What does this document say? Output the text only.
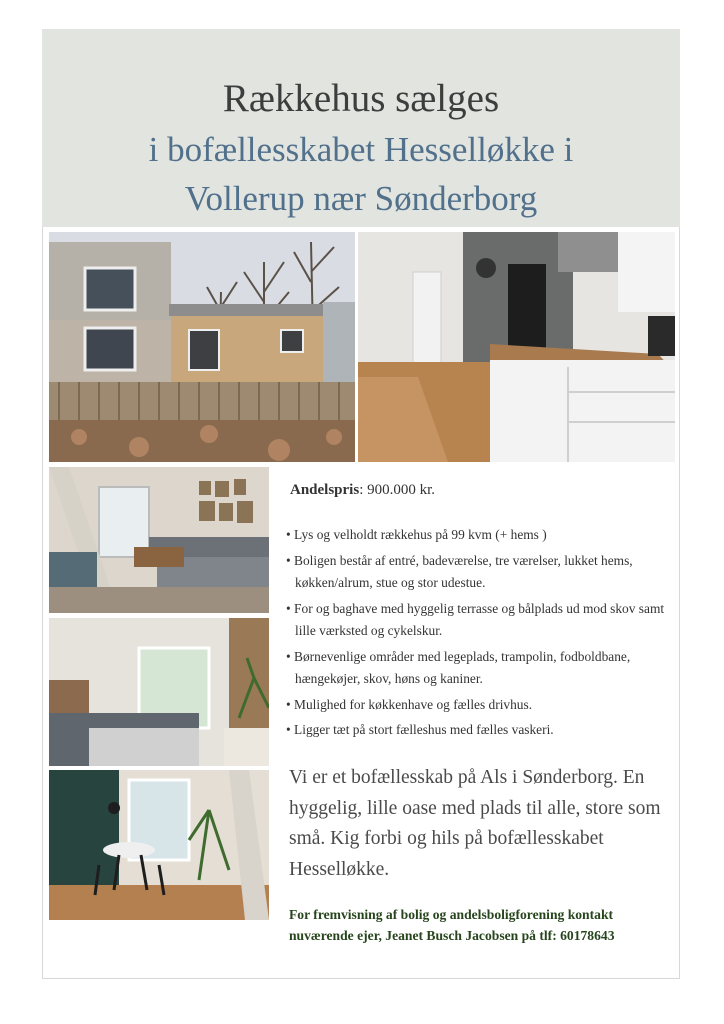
Rækkehus sælges
i bofællesskabet Hesselløkke i
Vollerup nær Sønderborg
Andelspris: 900.000 kr.
• Lys og velholdt rækkehus på 99 kvm (+ hems )
• Boligen består af entré, badeværelse, tre værelser, lukket hems, køkken/alrum, stue og stor udestue.
• For og baghave med hyggelig terrasse og bålplads ud mod skov samt lille værksted og cykelskur.
• Børnevenlige områder med legeplads, trampolin, fodboldbane, hængekøjer, skov, høns og kaniner.
• Mulighed for køkkenhave og fælles drivhus.
• Ligger tæt på stort fælleshus med fælles vaskeri.
Vi er et bofællesskab på Als i Sønderborg. En hyggelig, lille oase med plads til alle, store som små. Kig forbi og hils på bofællesskabet Hesselløkke.
For fremvisning af bolig og andelsboligforening kontakt nuværende ejer, Jeanet Busch Jacobsen på tlf: 60178643
